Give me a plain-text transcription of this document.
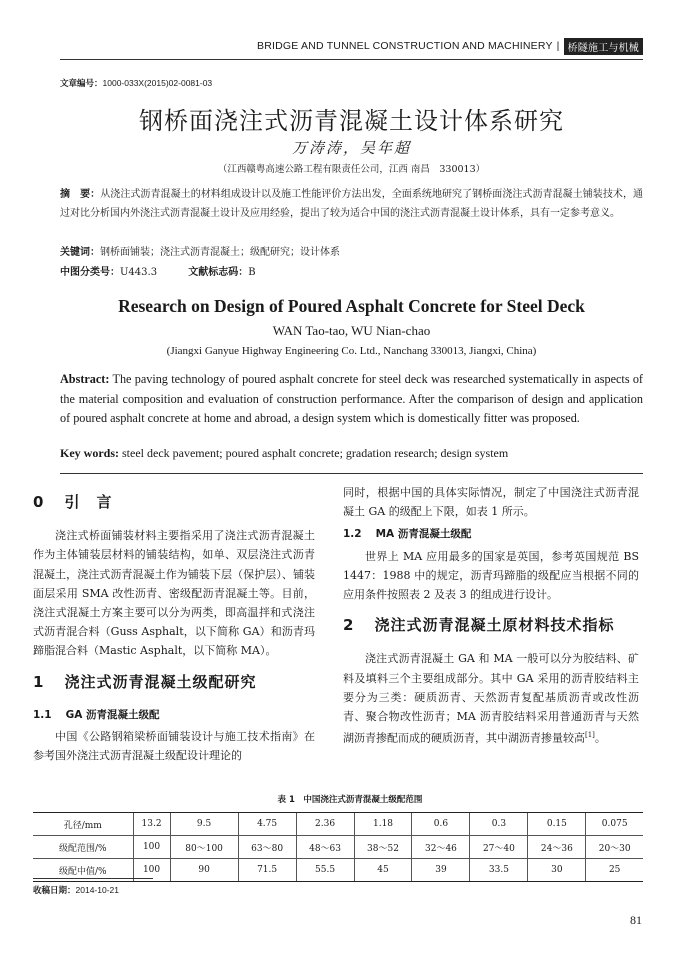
BRIDGE AND TUNNEL CONSTRUCTION AND MACHINERY | 桥隧施工与机械
文章编号：1000-033X(2015)02-0081-03
钢桥面浇注式沥青混凝土设计体系研究
万涛涛，吴年超
（江西赣粤高速公路工程有限责任公司，江西 南昌　330013）
摘　要：从浇注式沥青混凝土的材料组成设计以及施工性能评价方法出发，全面系统地研究了钢桥面浇注式沥青混凝土铺装技术，通过对比分析国内外浇注式沥青混凝土设计及应用经验，提出了较为适合中国的浇注式沥青混凝土设计体系，具有一定参考意义。
关键词：钢桥面铺装；浇注式沥青混凝土；级配研究；设计体系
中图分类号：U443.3	文献标志码：B
Research on Design of Poured Asphalt Concrete for Steel Deck
WAN Tao-tao, WU Nian-chao
(Jiangxi Ganyue Highway Engineering Co. Ltd., Nanchang 330013, Jiangxi, China)
Abstract: The paving technology of poured asphalt concrete for steel deck was researched systematically in aspects of the material composition and evaluation of construction performance. After the comparison of design and application of poured asphalt concrete at home and abroad, a design system which is domestically fitter was proposed.
Key words: steel deck pavement; poured asphalt concrete; gradation research; design system
0 引　言
浇注式桥面铺装材料主要指采用了浇注式沥青混凝土作为主体铺装层材料的铺装结构，如单、双层浇注式沥青混凝土，浇注式沥青混凝土作为铺装下层（保护层）、铺装面层采用 SMA 改性沥青、密级配沥青混凝土等。目前，浇注式混凝土方案主要可以分为两类，即高温拌和式浇注式沥青混合料（Guss Asphalt，以下简称 GA）和沥青玛蹄脂混合料（Mastic Asphalt，以下简称 MA）。
1 浇注式沥青混凝土级配研究
1.1 GA 沥青混凝土级配
中国《公路钢箱梁桥面铺装设计与施工技术指南》在参考国外浇注式沥青混凝土级配设计理论的
同时，根据中国的具体实际情况，制定了中国浇注式沥青混凝土 GA 的级配上下限，如表 1 所示。
1.2 MA 沥青混凝土级配
世界上 MA 应用最多的国家是英国，参考英国规范 BS 1447：1988 中的规定，沥青玛蹄脂的级配应当根据不同的应用条件按照表 2 及表 3 的组成进行设计。
2 浇注式沥青混凝土原材料技术指标
浇注式沥青混凝土 GA 和 MA 一般可以分为胶结料、矿料及填料三个主要组成部分。其中 GA 采用的沥青胶结料主要分为三类：硬质沥青、天然沥青复配基质沥青或改性沥青、聚合物改性沥青；MA 沥青胶结料采用普通沥青与天然湖沥青掺配而成的硬质沥青，其中湖沥青掺量较高[1]。
表 1　中国浇注式沥青混凝土级配范围
孔径/mm	13.2	9.5	4.75	2.36	1.18	0.6	0.3	0.15	0.075
级配范围/%	100	80～100	63～80	48～63	38～52	32～46	27～40	24～36	20～30
级配中值/%	100	90	71.5	55.5	45	39	33.5	30	25
收稿日期：2014-10-21
81
